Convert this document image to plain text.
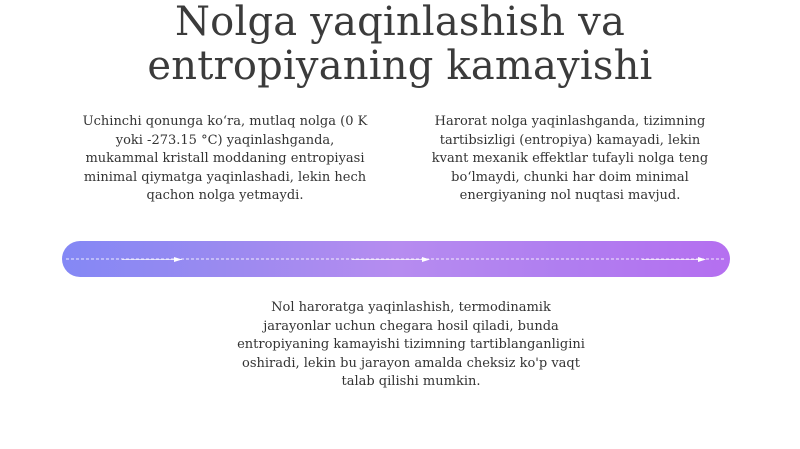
Nolga yaqinlashish va
entropiyaning kamayishi
Uchinchi qonunga ko‘ra, mutlaq nolga (0 K yoki -273.15 °C) yaqinlashganda, mukammal kristall moddaning entropiyasi minimal qiymatga yaqinlashadi, lekin hech qachon nolga yetmaydi.
Harorat nolga yaqinlashganda, tizimning tartibsizligi (entropiya) kamayadi, lekin kvant mexanik effektlar tufayli nolga teng bo‘lmaydi, chunki har doim minimal energiyaning nol nuqtasi mavjud.
Nol haroratga yaqinlashish, termodinamik jarayonlar uchun chegara hosil qiladi, bunda entropiyaning kamayishi tizimning tartiblanganligini oshiradi, lekin bu jarayon amalda cheksiz ko'p vaqt talab qilishi mumkin.
